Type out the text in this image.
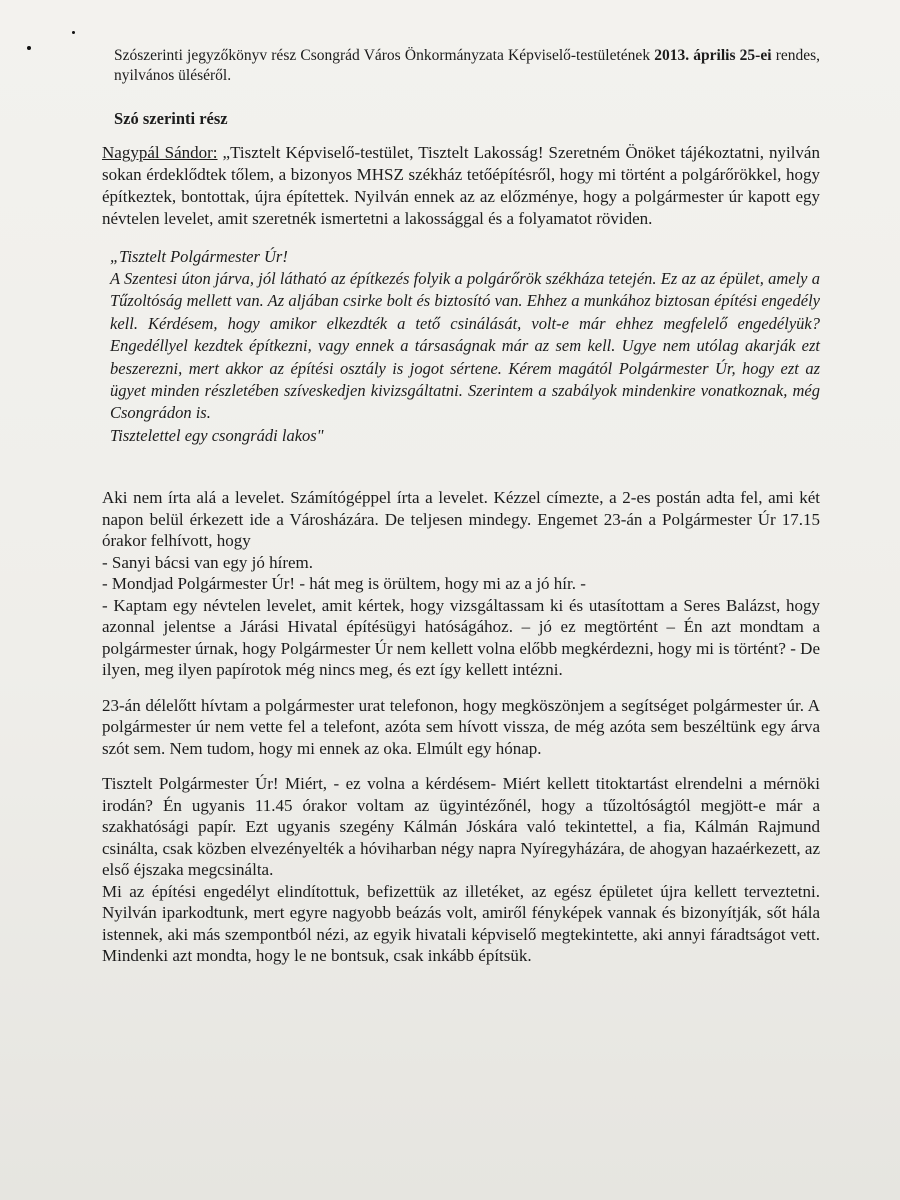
Szószerinti jegyzőkönyv rész Csongrád Város Önkormányzata Képviselő-testületének 2013. április 25-ei rendes, nyilvános üléséről.

Szó szerinti rész

Nagypál Sándor: „Tisztelt Képviselő-testület, Tisztelt Lakosság! Szeretném Önöket tájékoztatni, nyilván sokan érdeklődtek tőlem, a bizonyos MHSZ székház tetőépítésről, hogy mi történt a polgárőrökkel, hogy építkeztek, bontottak, újra építettek. Nyilván ennek az az előzménye, hogy a polgármester úr kapott egy névtelen levelet, amit szeretnék ismertetni a lakossággal és a folyamatot röviden.

„Tisztelt Polgármester Úr!

A Szentesi úton járva, jól látható az építkezés folyik a polgárőrök székháza tetején. Ez az az épület, amely a Tűzoltóság mellett van. Az aljában csirke bolt és biztosító van. Ehhez a munkához biztosan építési engedély kell. Kérdésem, hogy amikor elkezdték a tető csinálását, volt-e már ehhez megfelelő engedélyük? Engedéllyel kezdtek építkezni, vagy ennek a társaságnak már az sem kell. Ugye nem utólag akarják ezt beszerezni, mert akkor az építési osztály is jogot sértene. Kérem magától Polgármester Úr, hogy ezt az ügyet minden részletében szíveskedjen kivizsgáltatni. Szerintem a szabályok mindenkire vonatkoznak, még Csongrádon is.

Tisztelettel egy csongrádi lakos"

Aki nem írta alá a levelet. Számítógéppel írta a levelet. Kézzel címezte, a 2-es postán adta fel, ami két napon belül érkezett ide a Városházára. De teljesen mindegy. Engemet 23-án a Polgármester Úr 17.15 órakor felhívott, hogy

- Sanyi bácsi van egy jó hírem.

- Mondjad Polgármester Úr! - hát meg is örültem, hogy mi az a jó hír. -

- Kaptam egy névtelen levelet, amit kértek, hogy vizsgáltassam ki és utasítottam a Seres Balázst, hogy azonnal jelentse a Járási Hivatal építésügyi hatóságához. – jó ez megtörtént – Én azt mondtam a polgármester úrnak, hogy Polgármester Úr nem kellett volna előbb megkérdezni, hogy mi is történt? - De ilyen, meg ilyen papírotok még nincs meg, és ezt így kellett intézni.

23-án délelőtt hívtam a polgármester urat telefonon, hogy megköszönjem a segítséget polgármester úr. A polgármester úr nem vette fel a telefont, azóta sem hívott vissza, de még azóta sem beszéltünk egy árva szót sem. Nem tudom, hogy mi ennek az oka. Elmúlt egy hónap.

Tisztelt Polgármester Úr! Miért, - ez volna a kérdésem- Miért kellett titoktartást elrendelni a mérnöki irodán? Én ugyanis 11.45 órakor voltam az ügyintézőnél, hogy a tűzoltóságtól megjött-e már a szakhatósági papír. Ezt ugyanis szegény Kálmán Jóskára való tekintettel, a fia, Kálmán Rajmund csinálta, csak közben elvezényelték a hóviharban négy napra Nyíregyházára, de ahogyan hazaérkezett, az első éjszaka megcsinálta.

Mi az építési engedélyt elindítottuk, befizettük az illetéket, az egész épületet újra kellett terveztetni. Nyilván iparkodtunk, mert egyre nagyobb beázás volt, amiről fényképek vannak és bizonyítják, sőt hála istennek, aki más szempontból nézi, az egyik hivatali képviselő megtekintette, aki annyi fáradtságot vett. Mindenki azt mondta, hogy le ne bontsuk, csak inkább építsük.
